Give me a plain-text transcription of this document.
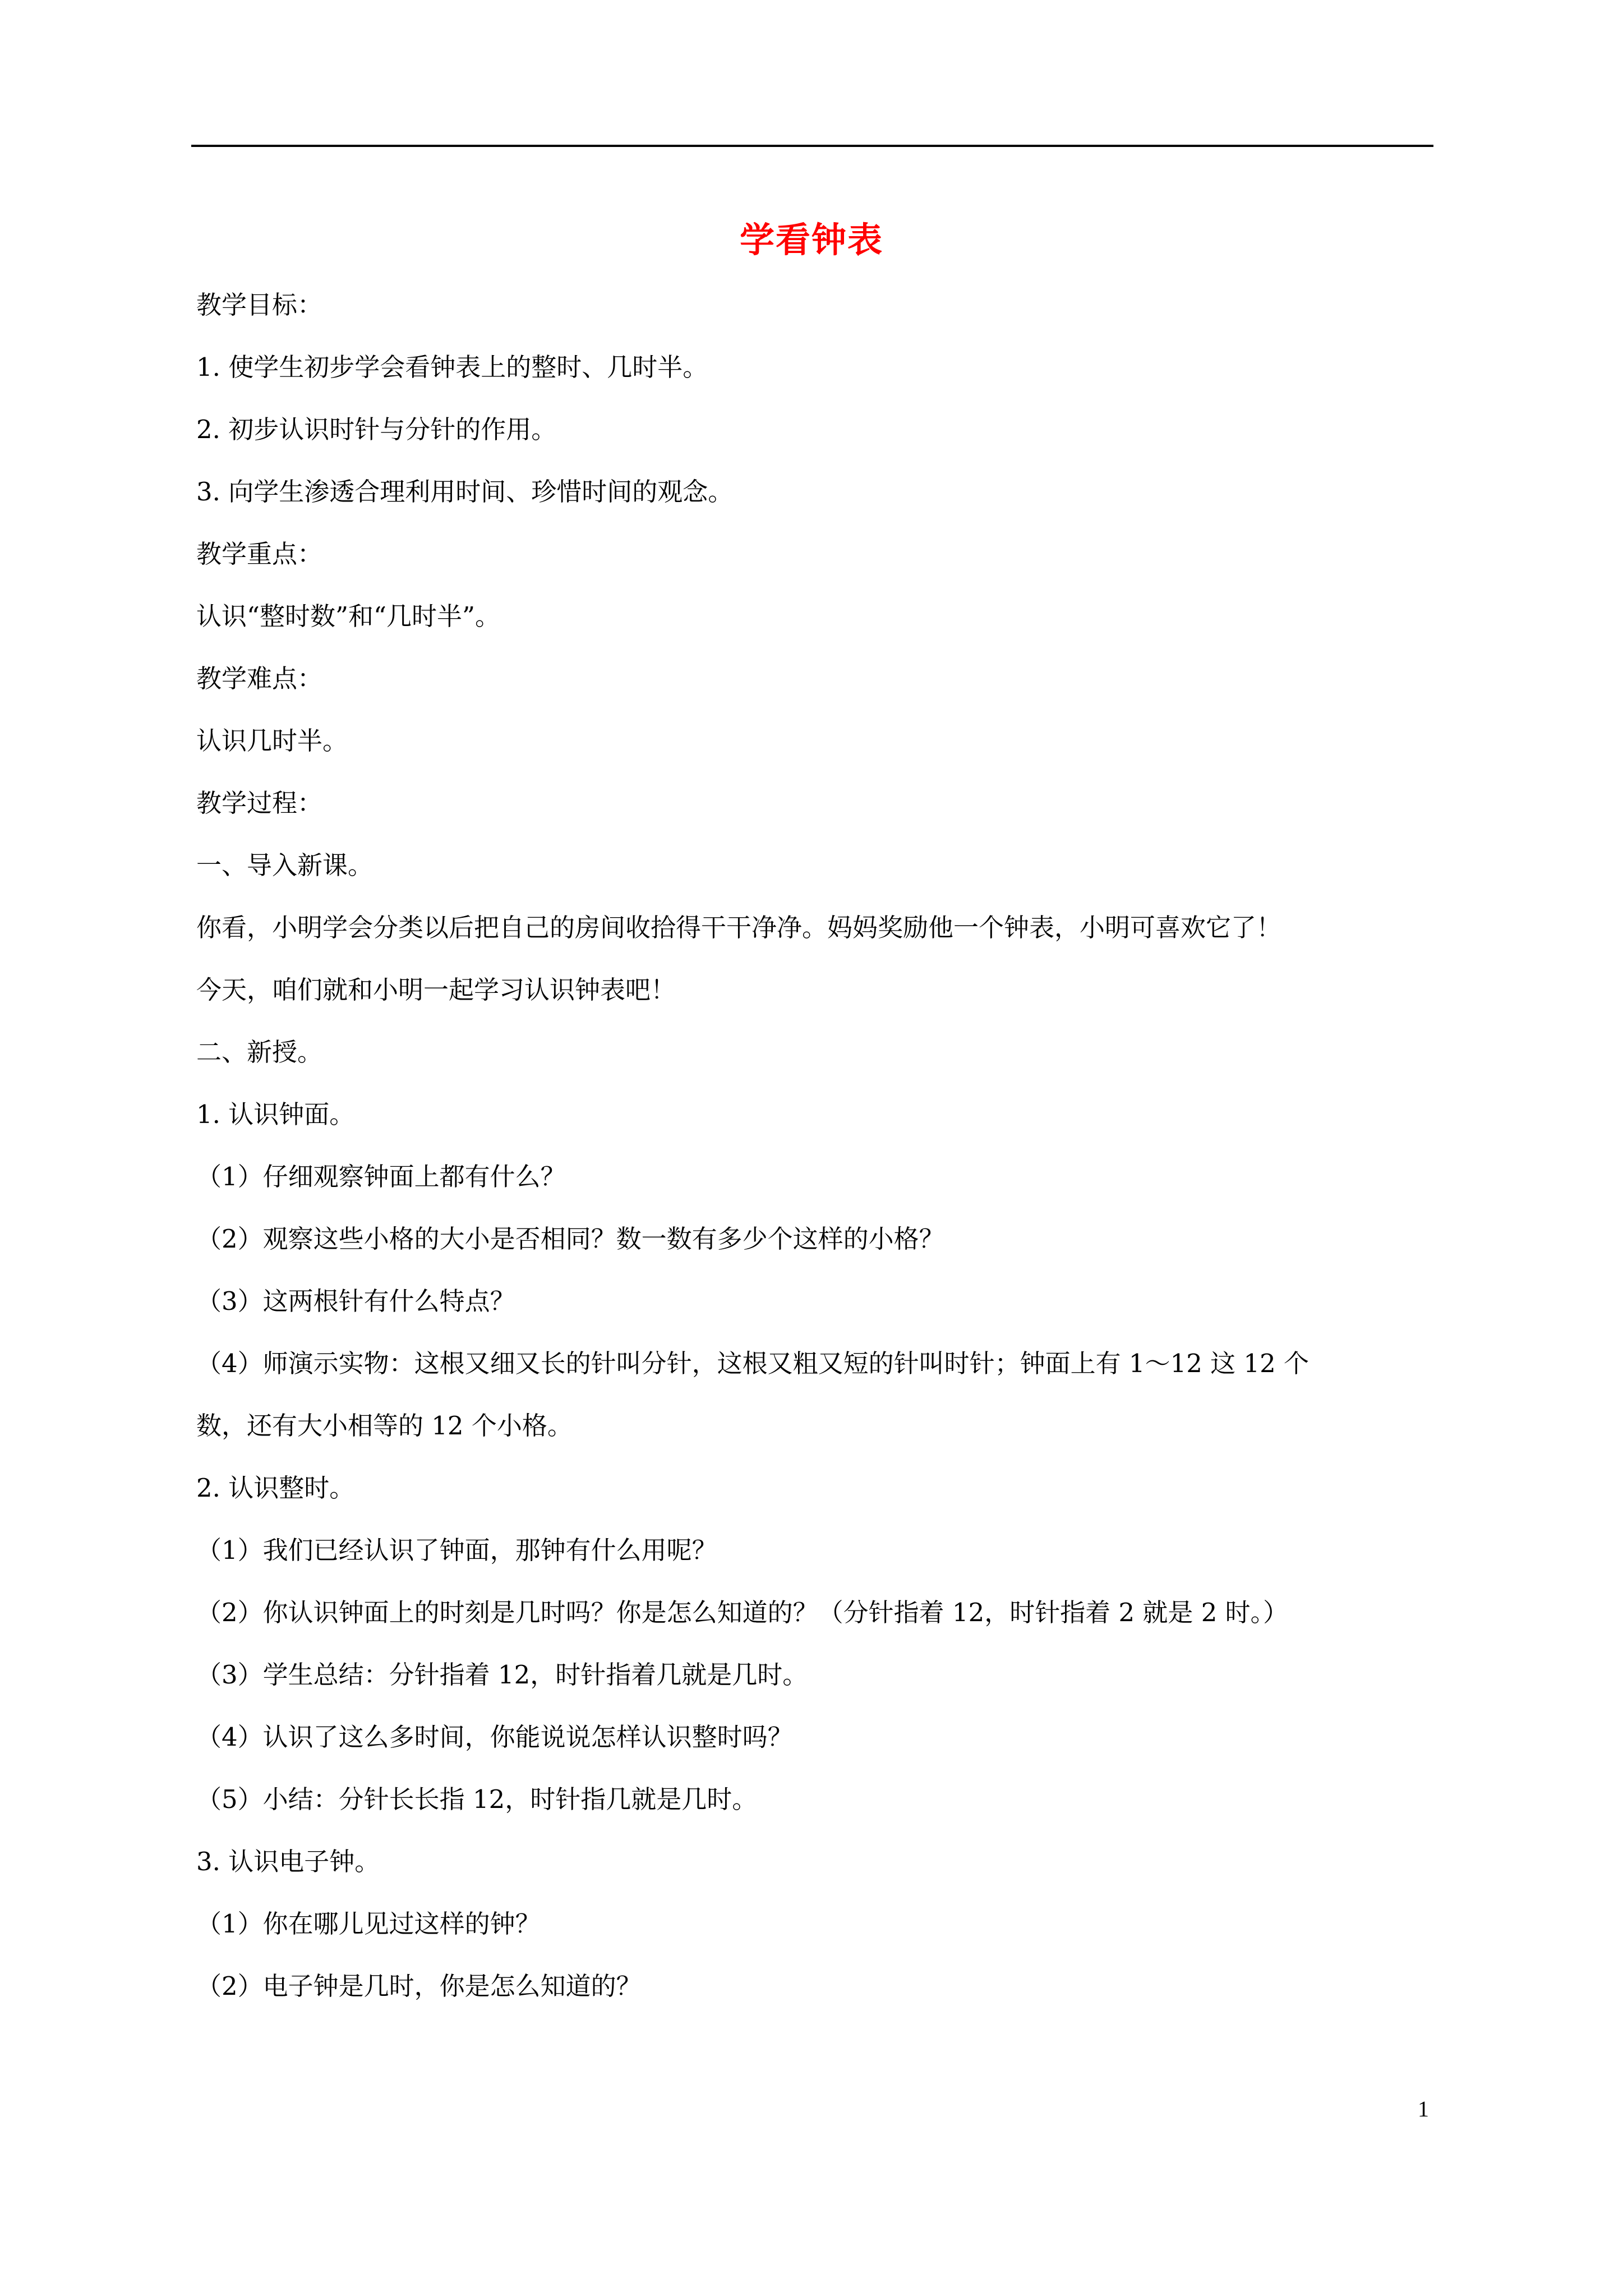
学看钟表
教学目标：
1. 使学生初步学会看钟表上的整时、几时半。
2. 初步认识时针与分针的作用。
3. 向学生渗透合理利用时间、珍惜时间的观念。
教学重点：
认识“整时数”和“几时半”。
教学难点：
认识几时半。
教学过程：
一、导入新课。
你看，小明学会分类以后把自己的房间收拾得干干净净。妈妈奖励他一个钟表，小明可喜欢它了！
今天，咱们就和小明一起学习认识钟表吧！
二、新授。
1. 认识钟面。
（1）仔细观察钟面上都有什么？
（2）观察这些小格的大小是否相同？数一数有多少个这样的小格？
（3）这两根针有什么特点？
（4）师演示实物：这根又细又长的针叫分针，这根又粗又短的针叫时针；钟面上有 1～12 这 12 个
数，还有大小相等的 12 个小格。
2. 认识整时。
（1）我们已经认识了钟面，那钟有什么用呢？
（2）你认识钟面上的时刻是几时吗？你是怎么知道的？（分针指着 12，时针指着 2 就是 2 时。）
（3）学生总结：分针指着 12，时针指着几就是几时。
（4）认识了这么多时间，你能说说怎样认识整时吗？
（5）小结：分针长长指 12，时针指几就是几时。
3. 认识电子钟。
（1）你在哪儿见过这样的钟？
（2）电子钟是几时，你是怎么知道的？
1
